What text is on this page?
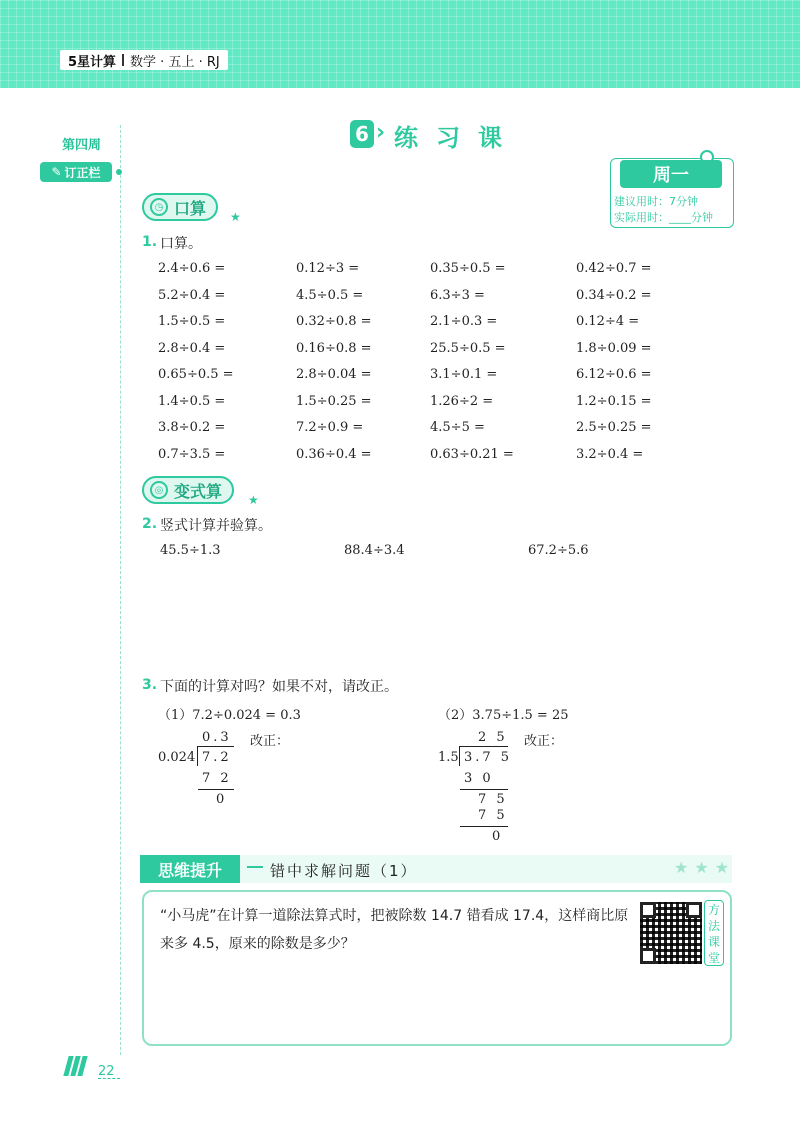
5星计算 数学 · 五上 · RJ
第四周
✎ 订正栏
6 › 练习课
周一
建议用时：7分钟
实际用时：____分钟
◷ 口算 ★
1. 口算。
2.4÷0.6 =	0.12÷3 =	0.35÷0.5 =	0.42÷0.7 =
5.2÷0.4 =	4.5÷0.5 =	6.3÷3 =	0.34÷0.2 =
1.5÷0.5 =	0.32÷0.8 =	2.1÷0.3 =	0.12÷4 =
2.8÷0.4 =	0.16÷0.8 =	25.5÷0.5 =	1.8÷0.09 =
0.65÷0.5 =	2.8÷0.04 =	3.1÷0.1 =	6.12÷0.6 =
1.4÷0.5 =	1.5÷0.25 =	1.26÷2 =	1.2÷0.15 =
3.8÷0.2 =	7.2÷0.9 =	4.5÷5 =	2.5÷0.25 =
0.7÷3.5 =	0.36÷0.4 =	0.63÷0.21 =	3.2÷0.4 =
◎ 变式算 ★
2. 竖式计算并验算。
45.5÷1.3	88.4÷3.4	67.2÷5.6
3. 下面的计算对吗？如果不对，请改正。
（1）7.2÷0.024 = 0.3
0.3
0.024 7.2
7 2
0
改正：
（2）3.75÷1.5 = 25
2 5
1.5 3.7 5
3 0
7 5
7 5
0
改正：
思维提升	错中求解问题（1）	★★★
“小马虎”在计算一道除法算式时，把被除数 14.7 错看成 17.4，这样商比原来多 4.5，原来的除数是多少？
方
法
课
堂
22
